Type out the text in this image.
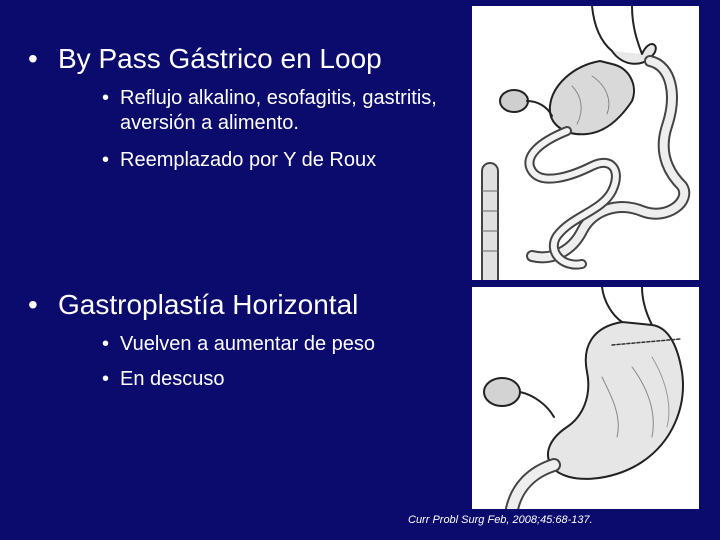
• By Pass Gástrico en Loop
• Reflujo alkalino, esofagitis, gastritis, aversión a alimento.
• Reemplazado por Y de Roux
• Gastroplastía Horizontal
• Vuelven a aumentar de peso
• En descuso
Curr Probl Surg Feb, 2008;45:68-137.
